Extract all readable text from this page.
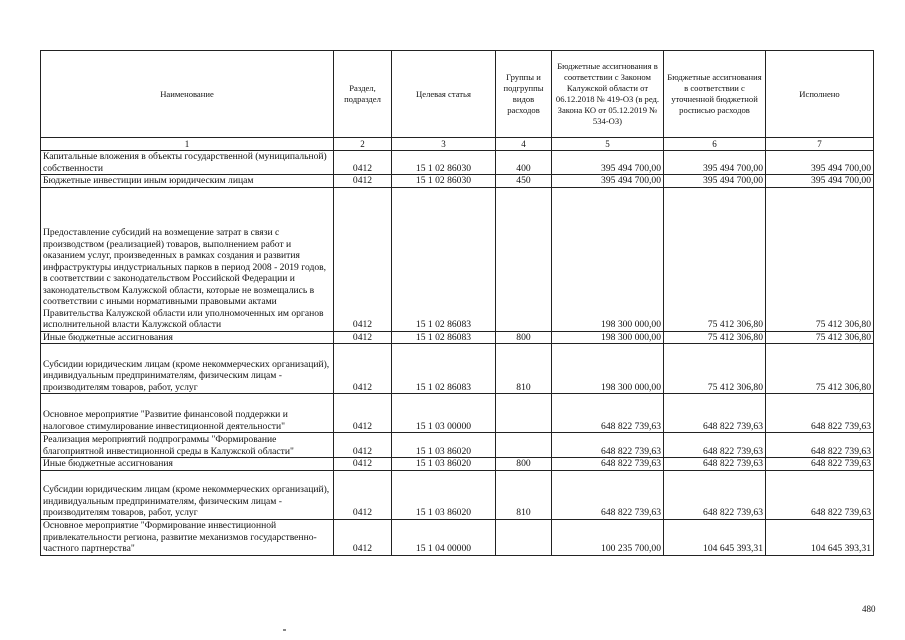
Наименование	Раздел, подраздел	Целевая статья	Группы и подгруппы видов расходов	Бюджетные ассигнования в соответствии с Законом Калужской области от 06.12.2018 № 419-ОЗ (в ред. Закона КО от 05.12.2019 № 534-ОЗ)	Бюджетные ассигнования в соответствии с уточненной бюджетной росписью расходов	Исполнено
1	2	3	4	5	6	7
Капитальные вложения в объекты государственной (муниципальной) собственности	0412	15 1 02 86030	400	395 494 700,00	395 494 700,00	395 494 700,00
Бюджетные инвестиции иным юридическим лицам	0412	15 1 02 86030	450	395 494 700,00	395 494 700,00	395 494 700,00
Предоставление субсидий на возмещение затрат в связи с производством (реализацией) товаров, выполнением работ и оказанием услуг, произведенных в рамках создания и развития инфраструктуры индустриальных парков в период 2008 - 2019 годов, в соответствии с законодательством Российской Федерации и законодательством Калужской области, которые не возмещались в соответствии с иными нормативными правовыми актами Правительства Калужской области или уполномоченных им органов исполнительной власти Калужской области	0412	15 1 02 86083		198 300 000,00	75 412 306,80	75 412 306,80
Иные бюджетные ассигнования	0412	15 1 02 86083	800	198 300 000,00	75 412 306,80	75 412 306,80
Субсидии юридическим лицам (кроме некоммерческих организаций), индивидуальным предпринимателям, физическим лицам - производителям товаров, работ, услуг	0412	15 1 02 86083	810	198 300 000,00	75 412 306,80	75 412 306,80
Основное мероприятие "Развитие финансовой поддержки и налоговое стимулирование инвестиционной деятельности"	0412	15 1 03 00000		648 822 739,63	648 822 739,63	648 822 739,63
Реализация мероприятий подпрограммы "Формирование благоприятной инвестиционной среды в Калужской области"	0412	15 1 03 86020		648 822 739,63	648 822 739,63	648 822 739,63
Иные бюджетные ассигнования	0412	15 1 03 86020	800	648 822 739,63	648 822 739,63	648 822 739,63
Субсидии юридическим лицам (кроме некоммерческих организаций), индивидуальным предпринимателям, физическим лицам - производителям товаров, работ, услуг	0412	15 1 03 86020	810	648 822 739,63	648 822 739,63	648 822 739,63
Основное мероприятие "Формирование инвестиционной привлекательности региона, развитие механизмов государственно-частного партнерства"	0412	15 1 04 00000		100 235 700,00	104 645 393,31	104 645 393,31
480
